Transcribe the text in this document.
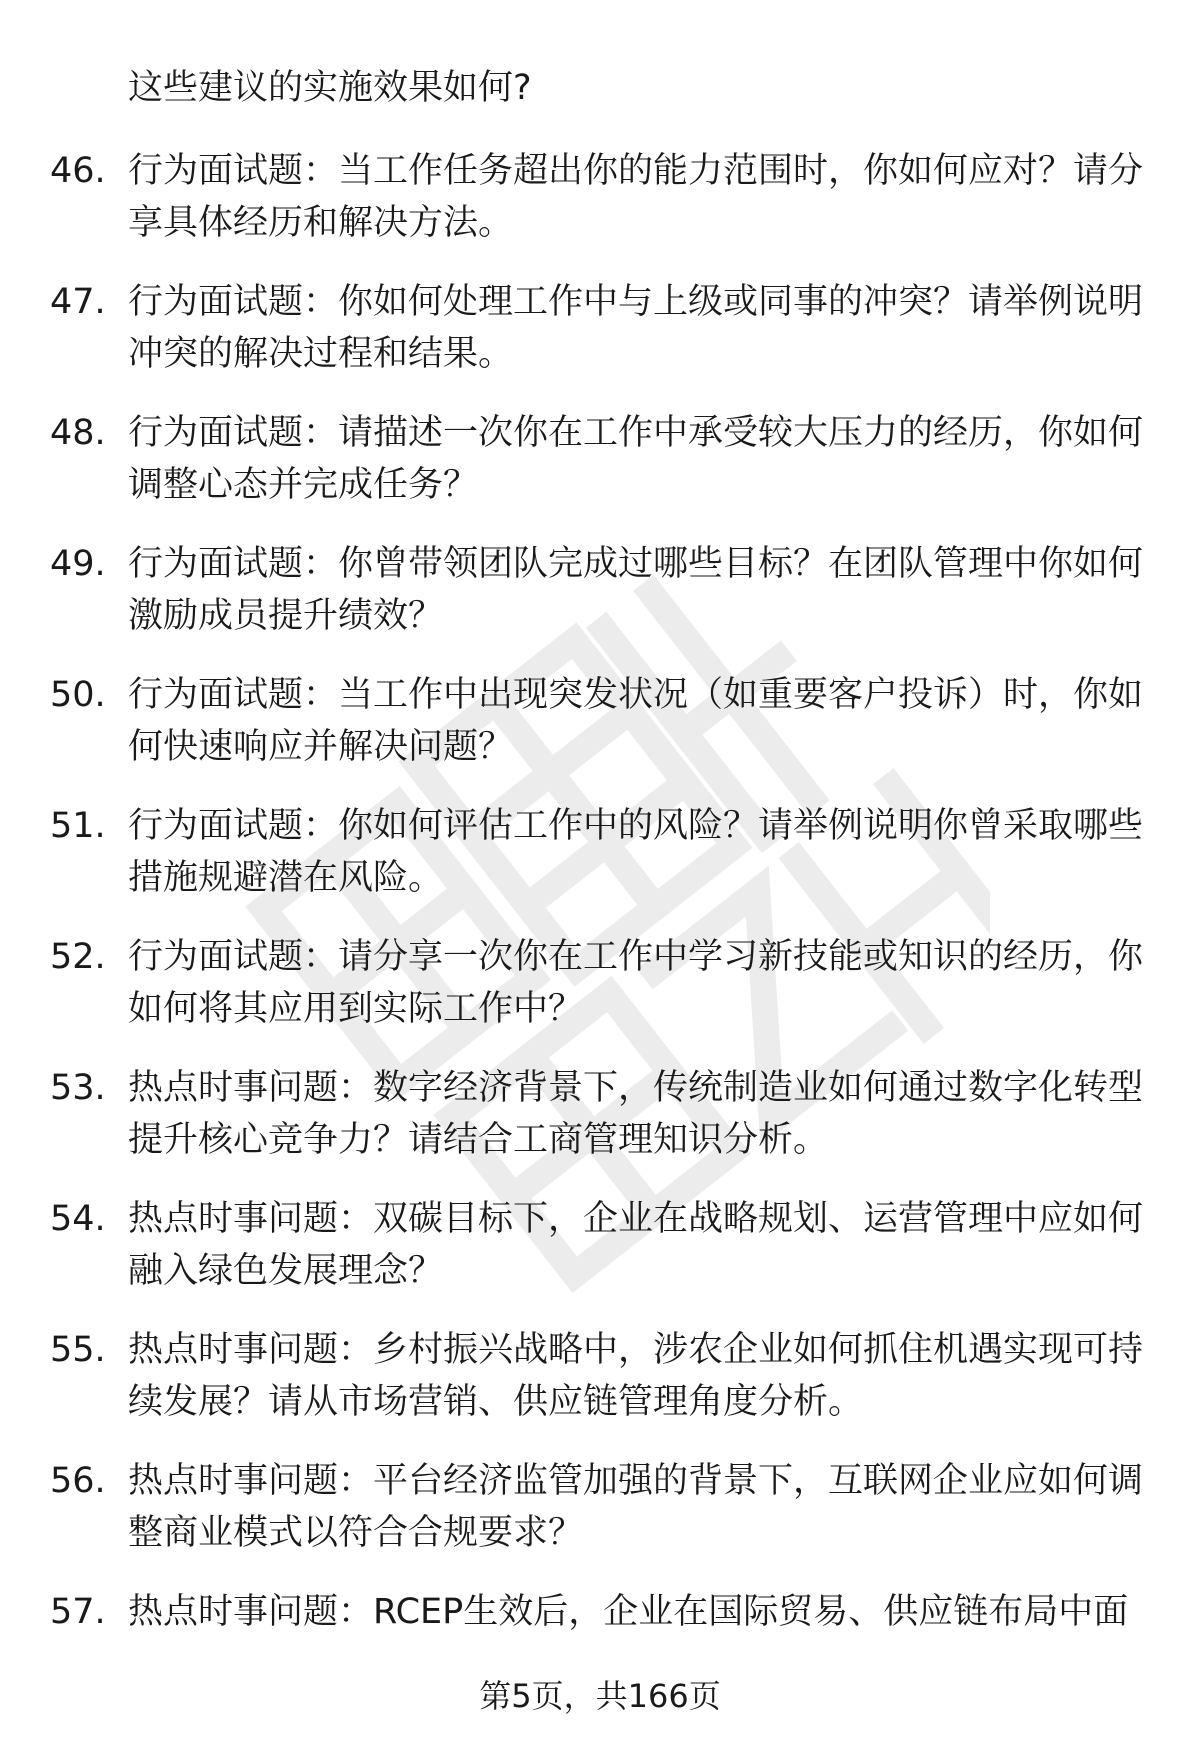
这些建议的实施效果如何?
46. 行为面试题：当工作任务超出你的能力范围时，你如何应对？请分享具体经历和解决方法。
47. 行为面试题：你如何处理工作中与上级或同事的冲突？请举例说明冲突的解决过程和结果。
48. 行为面试题：请描述一次你在工作中承受较大压力的经历，你如何调整心态并完成任务？
49. 行为面试题：你曾带领团队完成过哪些目标？在团队管理中你如何激励成员提升绩效？
50. 行为面试题：当工作中出现突发状况（如重要客户投诉）时，你如何快速响应并解决问题？
51. 行为面试题：你如何评估工作中的风险？请举例说明你曾采取哪些措施规避潜在风险。
52. 行为面试题：请分享一次你在工作中学习新技能或知识的经历，你如何将其应用到实际工作中？
53. 热点时事问题：数字经济背景下，传统制造业如何通过数字化转型提升核心竞争力？请结合工商管理知识分析。
54. 热点时事问题：双碳目标下，企业在战略规划、运营管理中应如何融入绿色发展理念？
55. 热点时事问题：乡村振兴战略中，涉农企业如何抓住机遇实现可持续发展？请从市场营销、供应链管理角度分析。
56. 热点时事问题：平台经济监管加强的背景下，互联网企业应如何调整商业模式以符合合规要求？
57. 热点时事问题：RCEP生效后，企业在国际贸易、供应链布局中面
第5页，共166页
